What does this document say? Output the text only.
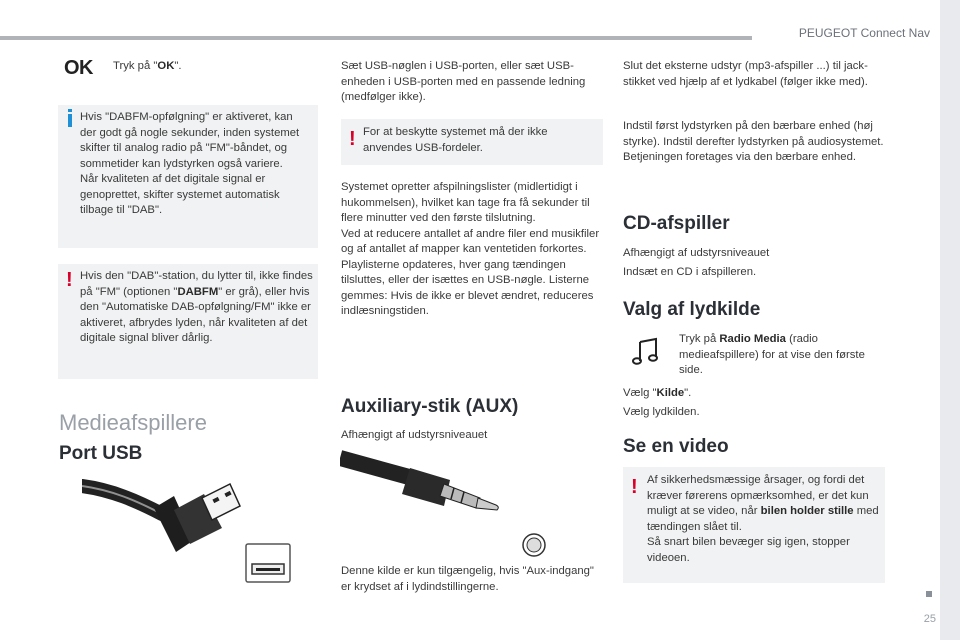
PEUGEOT Connect Nav
25
OK Tryk på "OK".

Hvis "DABFM-opfølgning" er aktiveret, kan der godt gå nogle sekunder, inden systemet skifter til analog radio på "FM"-båndet, og sommetider kan lydstyrken også variere.
Når kvaliteten af det digitale signal er genoprettet, skifter systemet automatisk tilbage til "DAB".

! Hvis den "DAB"-station, du lytter til, ikke findes på "FM" (optionen "DABFM" er grå), eller hvis den "Automatiske DAB-opfølgning/FM" ikke er aktiveret, afbrydes lyden, når kvaliteten af det digitale signal bliver dårlig.

Medieafspillere
Port USB

Sæt USB-nøglen i USB-porten, eller sæt USB-enheden i USB-porten med en passende ledning (medfølger ikke).

! For at beskytte systemet må der ikke anvendes USB-fordeler.

Systemet opretter afspilningslister (midlertidigt i hukommelsen), hvilket kan tage fra få sekunder til flere minutter ved den første tilslutning.
Ved at reducere antallet af andre filer end musikfiler og af antallet af mapper kan ventetiden forkortes.
Playlisterne opdateres, hver gang tændingen tilsluttes, eller der isættes en USB-nøgle. Listerne gemmes: Hvis de ikke er blevet ændret, reduceres indlæsningstiden.

Auxiliary-stik (AUX)

Afhængigt af udstyrsniveauet

Denne kilde er kun tilgængelig, hvis "Aux-indgang" er krydset af i lydindstillingerne.

Slut det eksterne udstyr (mp3-afspiller ...) til jack-stikket ved hjælp af et lydkabel (følger ikke med).

Indstil først lydstyrken på den bærbare enhed (høj styrke). Indstil derefter lydstyrken på audiosystemet.
Betjeningen foretages via den bærbare enhed.

CD-afspiller

Afhængigt af udstyrsniveauet

Indsæt en CD i afspilleren.

Valg af lydkilde

Tryk på Radio Media (radio medieafspillere) for at vise den første side.

Vælg "Kilde".

Vælg lydkilden.

Se en video
! Af sikkerhedsmæssige årsager, og fordi det kræver førerens opmærksomhed, er det kun muligt at se video, når bilen holder stille med tændingen slået til.
Så snart bilen bevæger sig igen, stopper videoen.
